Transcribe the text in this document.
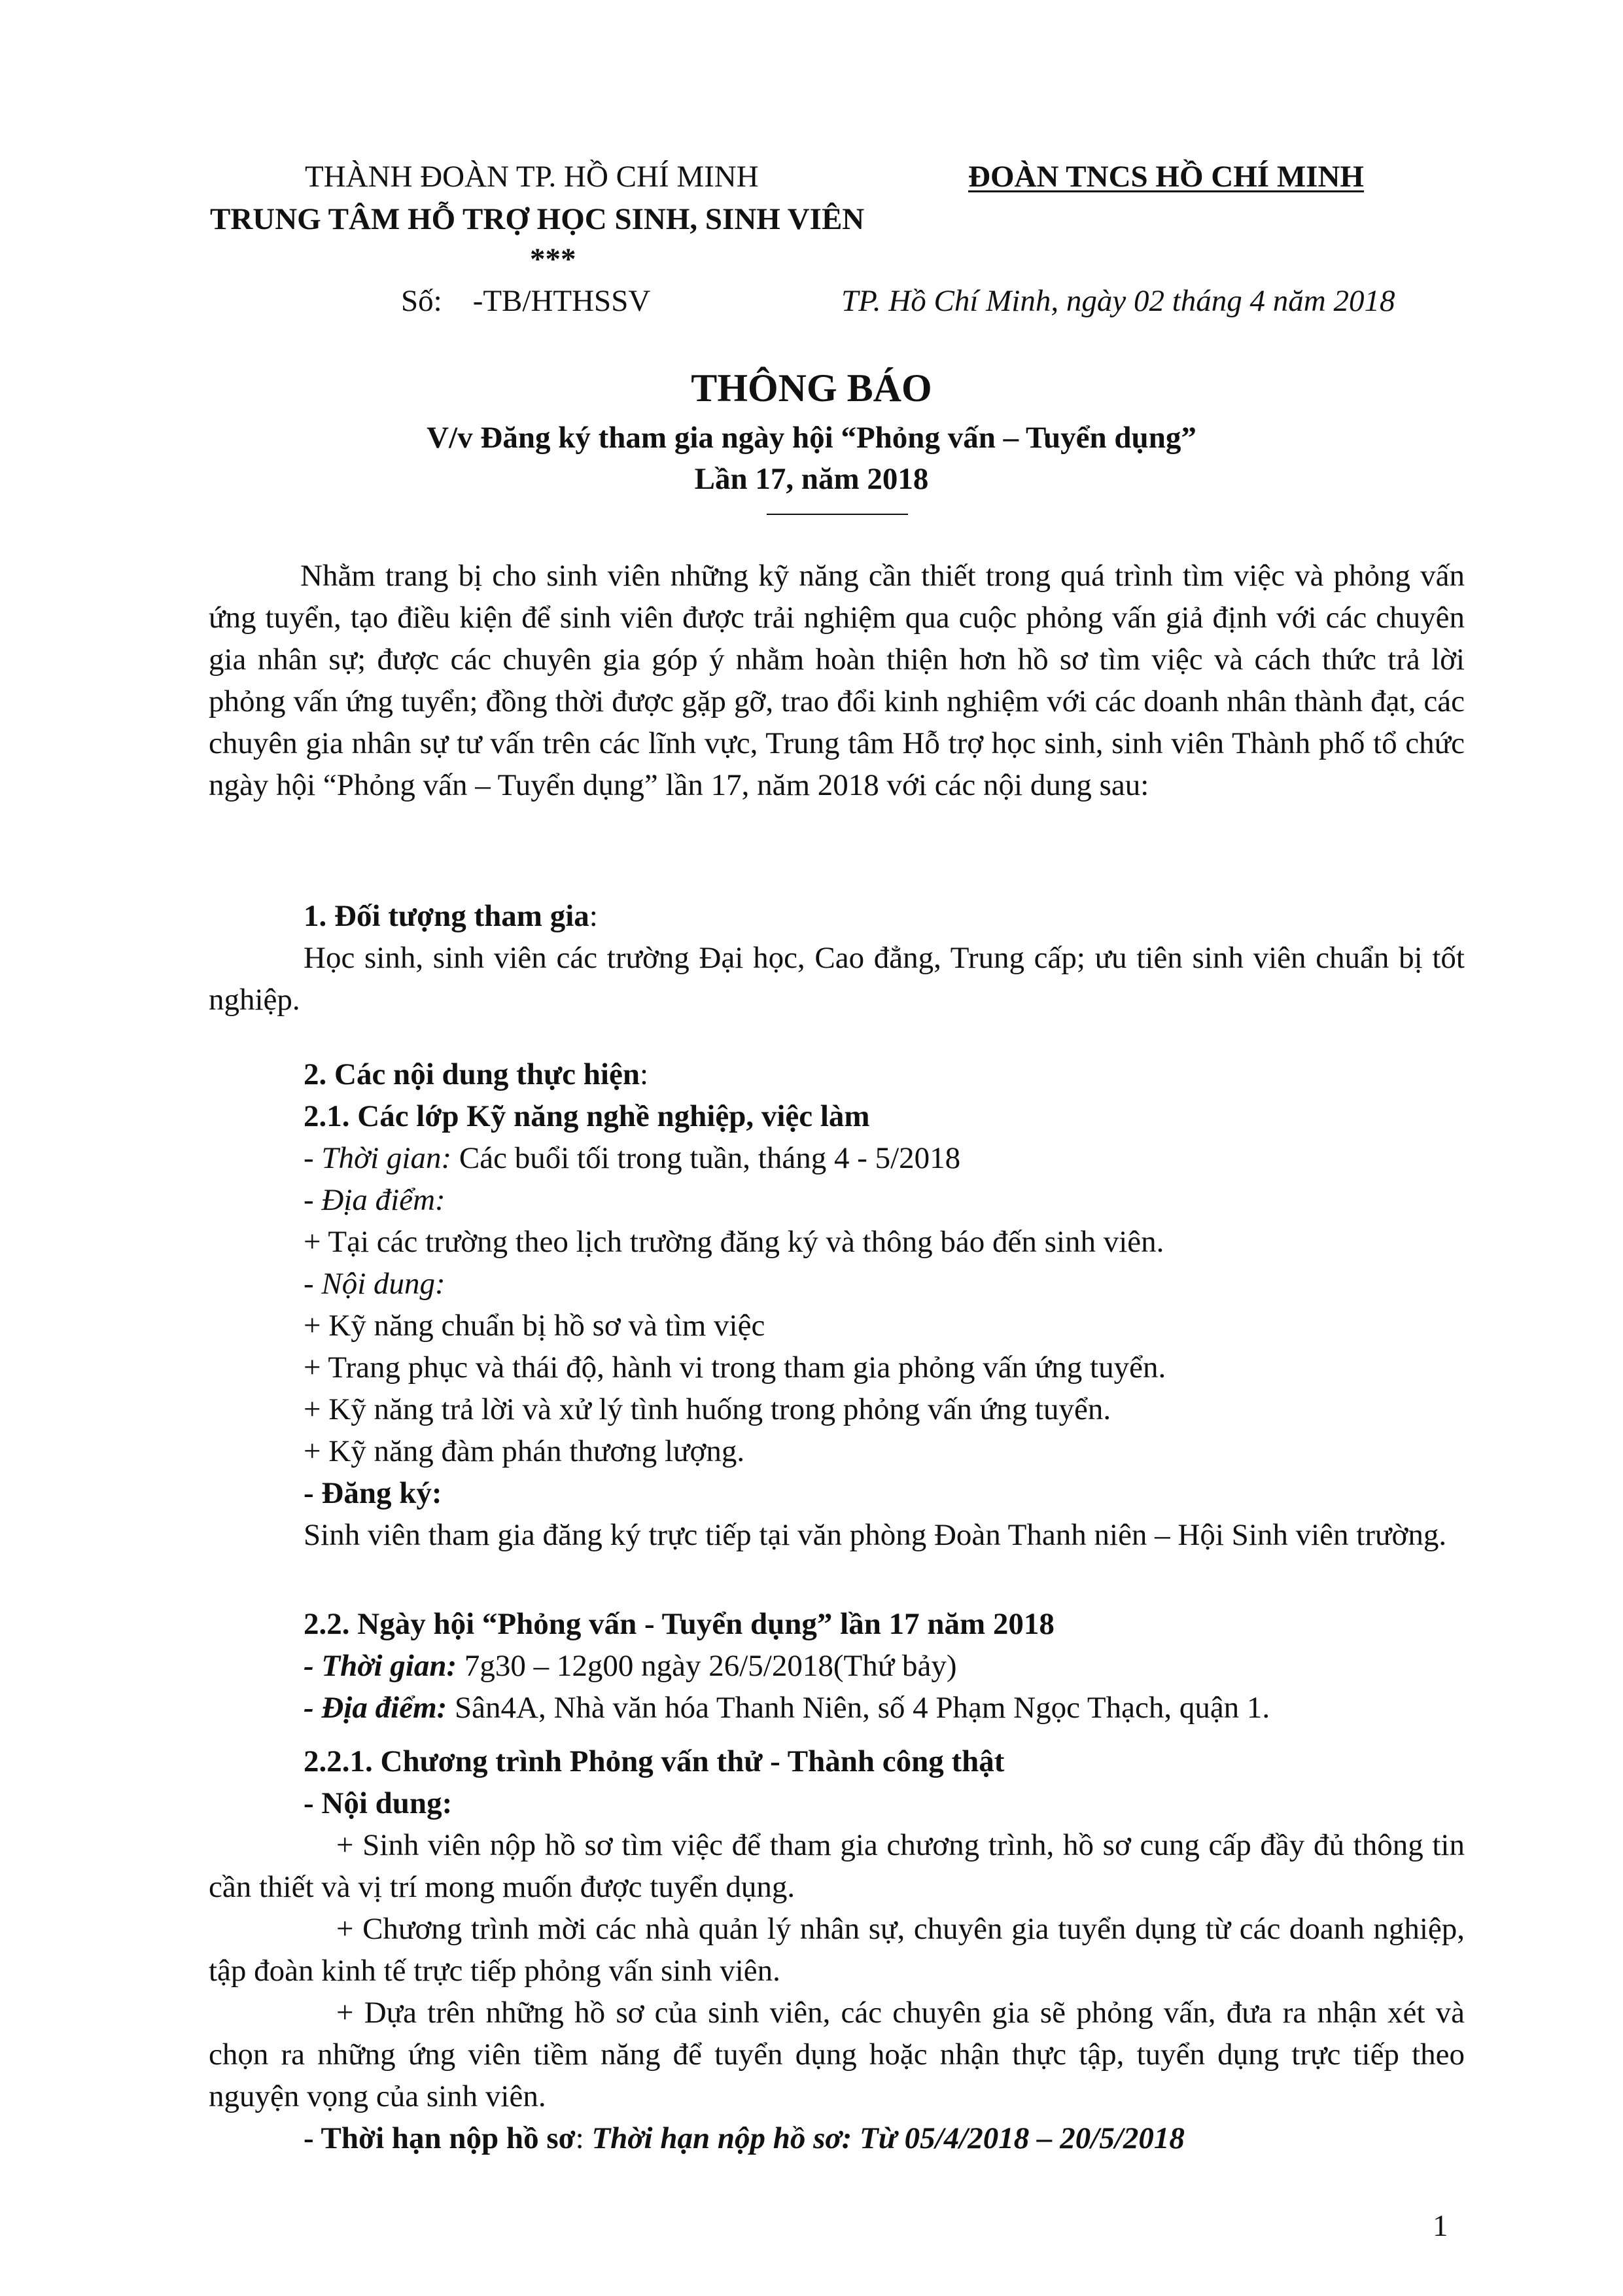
THÀNH ĐOÀN TP. HỒ CHÍ MINH	ĐOÀN TNCS HỒ CHÍ MINH
TRUNG TÂM HỖ TRỢ HỌC SINH, SINH VIÊN
***
Số:    -TB/HTHSSV	TP. Hồ Chí Minh, ngày 02 tháng 4 năm 2018
THÔNG BÁO
V/v Đăng ký tham gia ngày hội “Phỏng vấn – Tuyển dụng”
Lần 17, năm 2018
Nhằm trang bị cho sinh viên những kỹ năng cần thiết trong quá trình tìm việc và phỏng vấn ứng tuyển, tạo điều kiện để sinh viên được trải nghiệm qua cuộc phỏng vấn giả định với các chuyên gia nhân sự; được các chuyên gia góp ý nhằm hoàn thiện hơn hồ sơ tìm việc và cách thức trả lời phỏng vấn ứng tuyển; đồng thời được gặp gỡ, trao đổi kinh nghiệm với các doanh nhân thành đạt, các chuyên gia nhân sự tư vấn trên các lĩnh vực, Trung tâm Hỗ trợ học sinh, sinh viên Thành phố tổ chức ngày hội “Phỏng vấn – Tuyển dụng” lần 17, năm 2018 với các nội dung sau:
1. Đối tượng tham gia:
Học sinh, sinh viên các trường Đại học, Cao đẳng, Trung cấp; ưu tiên sinh viên chuẩn bị tốt nghiệp.
2. Các nội dung thực hiện:
2.1. Các lớp Kỹ năng nghề nghiệp, việc làm
- Thời gian: Các buổi tối trong tuần, tháng 4 - 5/2018
- Địa điểm:
+ Tại các trường theo lịch trường đăng ký và thông báo đến sinh viên.
- Nội dung:
+ Kỹ năng chuẩn bị hồ sơ và tìm việc
+ Trang phục và thái độ, hành vi trong tham gia phỏng vấn ứng tuyển.
+ Kỹ năng trả lời và xử lý tình huống trong phỏng vấn ứng tuyển.
+ Kỹ năng đàm phán thương lượng.
- Đăng ký:
Sinh viên tham gia đăng ký trực tiếp tại văn phòng Đoàn Thanh niên – Hội Sinh viên trường.
2.2. Ngày hội “Phỏng vấn - Tuyển dụng” lần 17 năm 2018
- Thời gian: 7g30 – 12g00 ngày 26/5/2018(Thứ bảy)
- Địa điểm: Sân4A, Nhà văn hóa Thanh Niên, số 4 Phạm Ngọc Thạch, quận 1.
2.2.1. Chương trình Phỏng vấn thử - Thành công thật
- Nội dung:
+ Sinh viên nộp hồ sơ tìm việc để tham gia chương trình, hồ sơ cung cấp đầy đủ thông tin cần thiết và vị trí mong muốn được tuyển dụng.
+ Chương trình mời các nhà quản lý nhân sự, chuyên gia tuyển dụng từ các doanh nghiệp, tập đoàn kinh tế trực tiếp phỏng vấn sinh viên.
+ Dựa trên những hồ sơ của sinh viên, các chuyên gia sẽ phỏng vấn, đưa ra nhận xét và chọn ra những ứng viên tiềm năng để tuyển dụng hoặc nhận thực tập, tuyển dụng trực tiếp theo nguyện vọng của sinh viên.
- Thời hạn nộp hồ sơ: Thời hạn nộp hồ sơ: Từ 05/4/2018 – 20/5/2018
1
